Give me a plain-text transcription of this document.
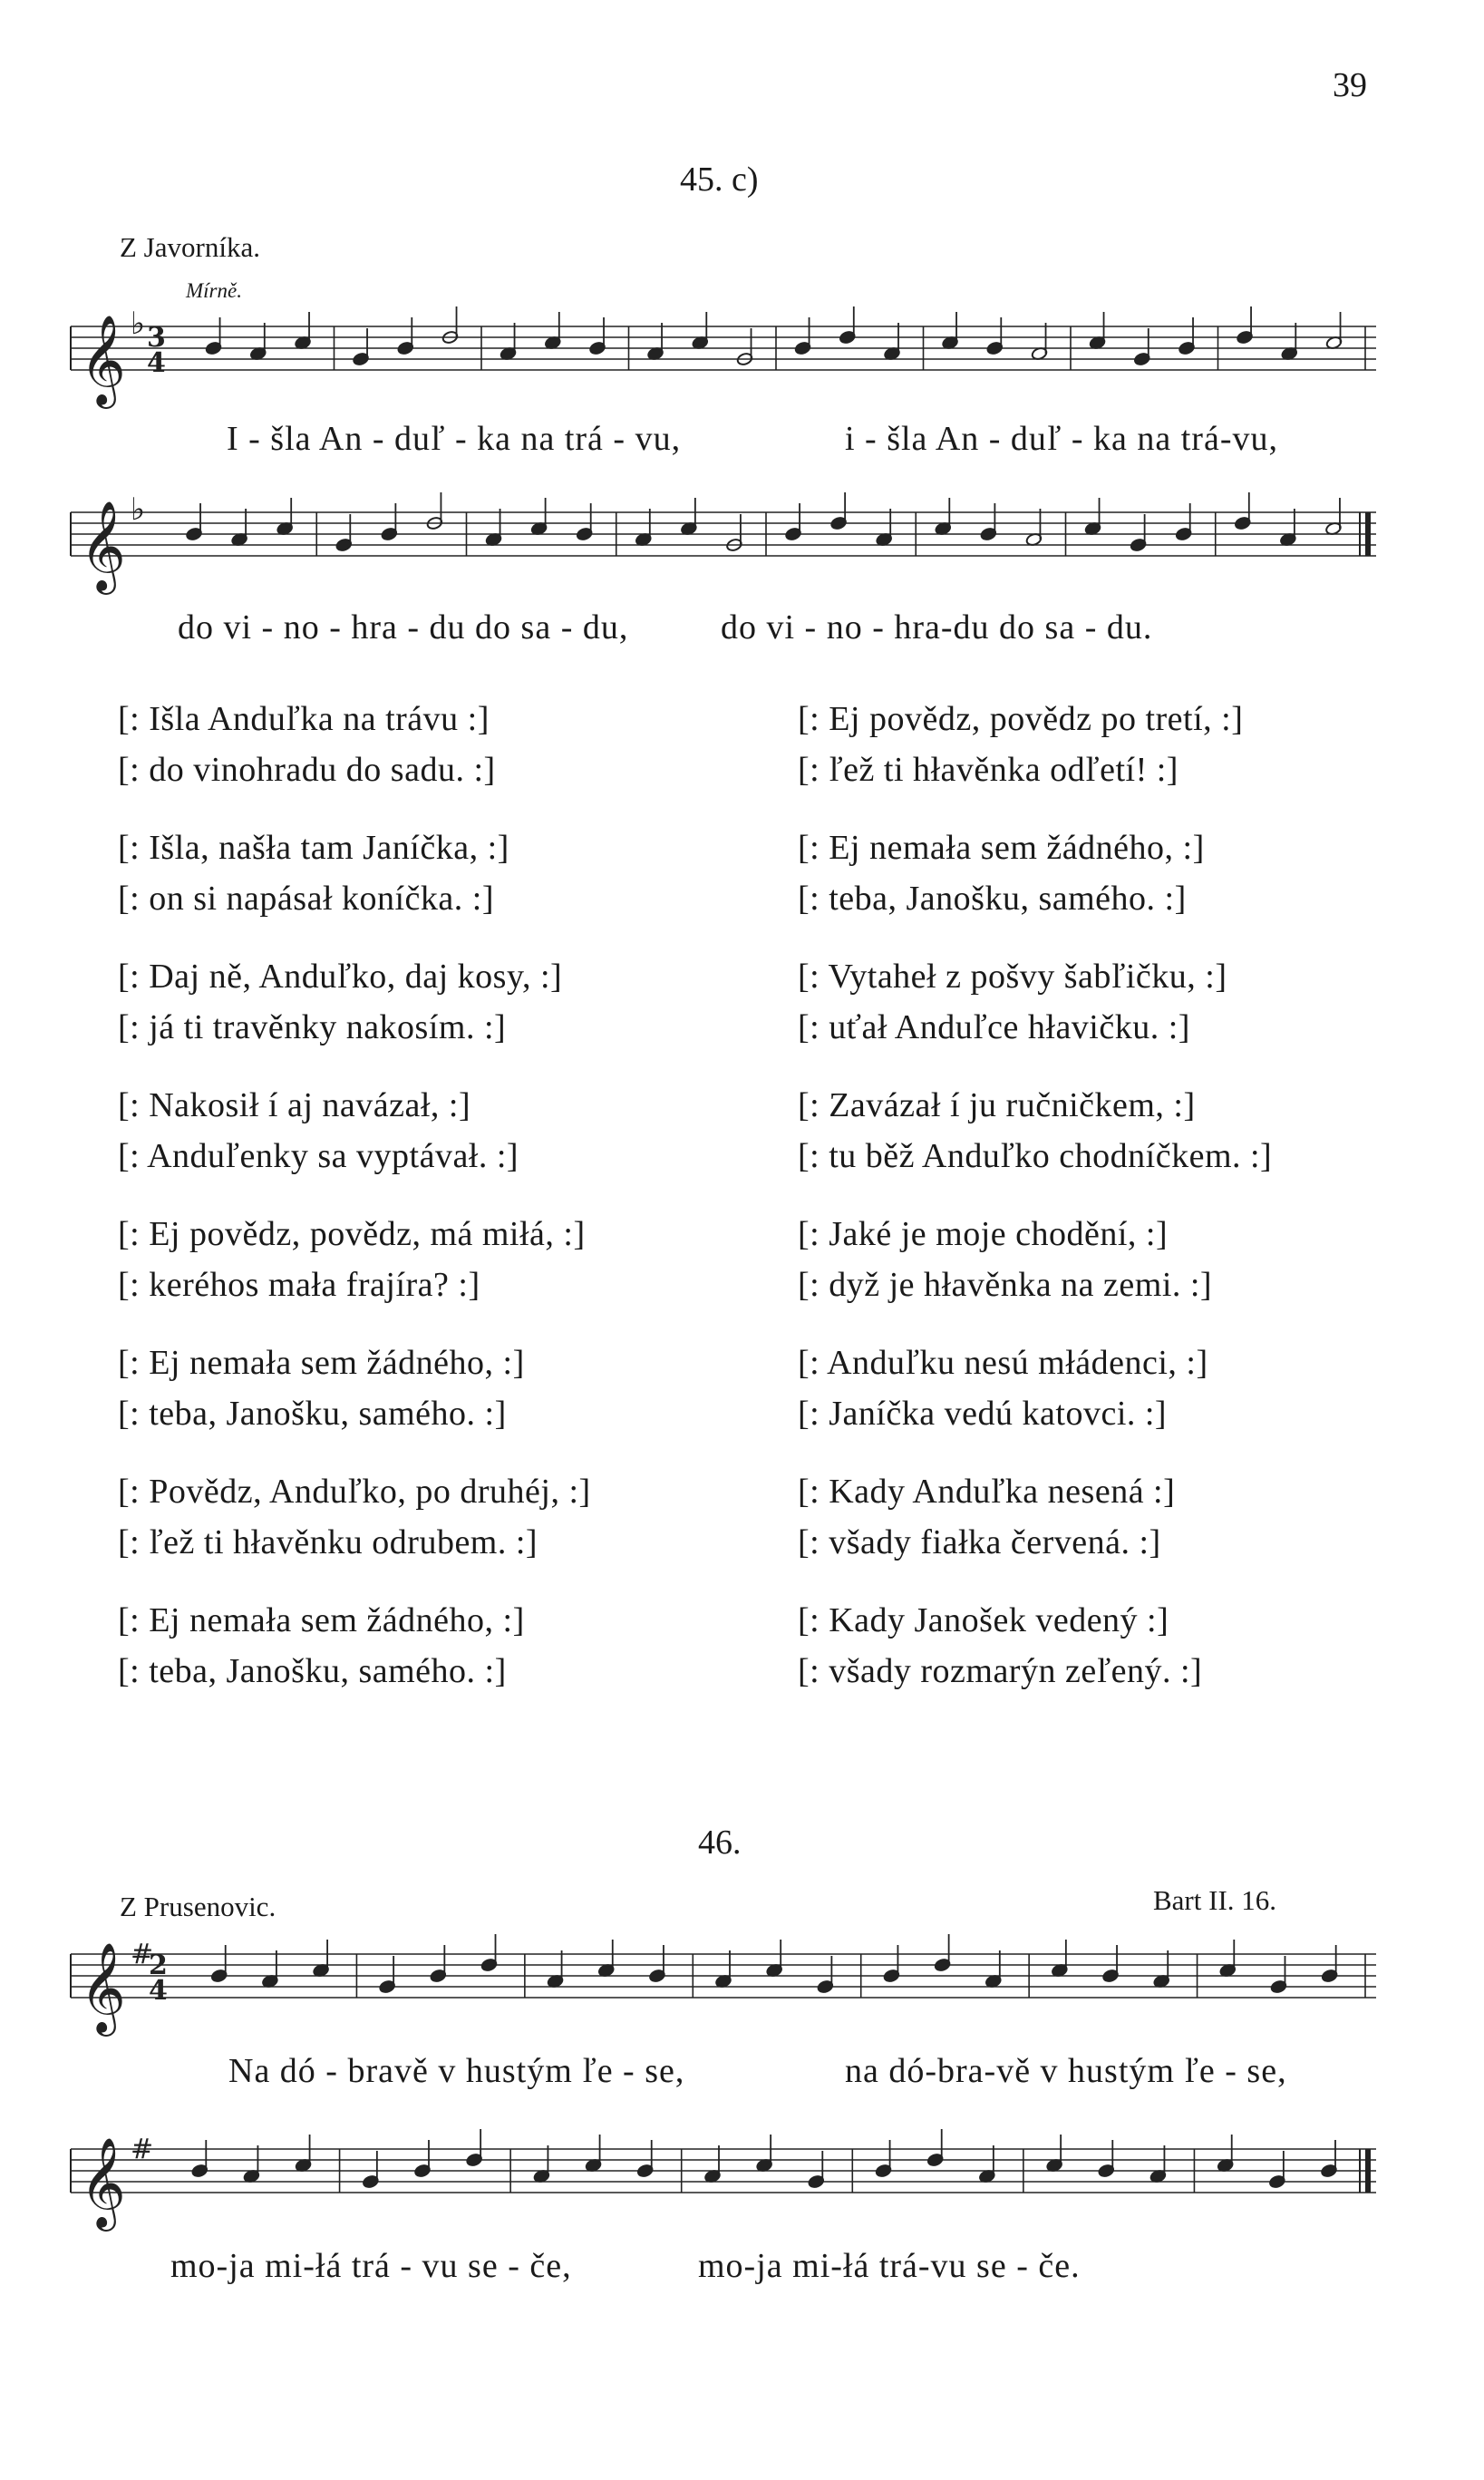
39
45. c)
Z Javorníka.
Mírně.
𝄞 ♭ 3
4
I - šla An - duľ - ka na trá - vu,	i - šla An - duľ - ka na trá-vu,
𝄞 ♭
do vi - no - hra - du do sa - du,	do vi - no - hra-du do sa - du.
[: Išla Anduľka na trávu :]
[: do vinohradu do sadu. :]
[: Išla, našła tam Janíčka, :]
[: on si napásał koníčka. :]
[: Daj ně, Anduľko, daj kosy, :]
[: já ti travěnky nakosím. :]
[: Nakosił í aj navázał, :]
[: Anduľenky sa vyptávał. :]
[: Ej povědz, povědz, má miłá, :]
[: keréhos mała frajíra? :]
[: Ej nemała sem žádného, :]
[: teba, Janošku, samého. :]
[: Povědz, Anduľko, po druhéj, :]
[: ľež ti hłavěnku odrubem. :]
[: Ej nemała sem žádného, :]
[: teba, Janošku, samého. :]
[: Ej povědz, povědz po tretí, :]
[: ľež ti hłavěnka odľetí! :]
[: Ej nemała sem žádného, :]
[: teba, Janošku, samého. :]
[: Vytaheł z pošvy šabľičku, :]
[: uťał Anduľce hłavičku. :]
[: Zavázał í ju ručničkem, :]
[: tu běž Anduľko chodníčkem. :]
[: Jaké je moje chodění, :]
[: dyž je hłavěnka na zemi. :]
[: Anduľku nesú młádenci, :]
[: Janíčka vedú katovci. :]
[: Kady Anduľka nesená :]
[: všady fiałka červená. :]
[: Kady Janošek vedený :]
[: všady rozmarýn zeľený. :]
46.
Z Prusenovic.	Bart II. 16.
𝄞 #
2
4
Na dó - bravě v hustým ľe - se,	na dó-bra-vě v hustým ľe - se,
𝄞 #
mo-ja mi-łá trá - vu se - če,	mo-ja mi-łá trá-vu se - če.
